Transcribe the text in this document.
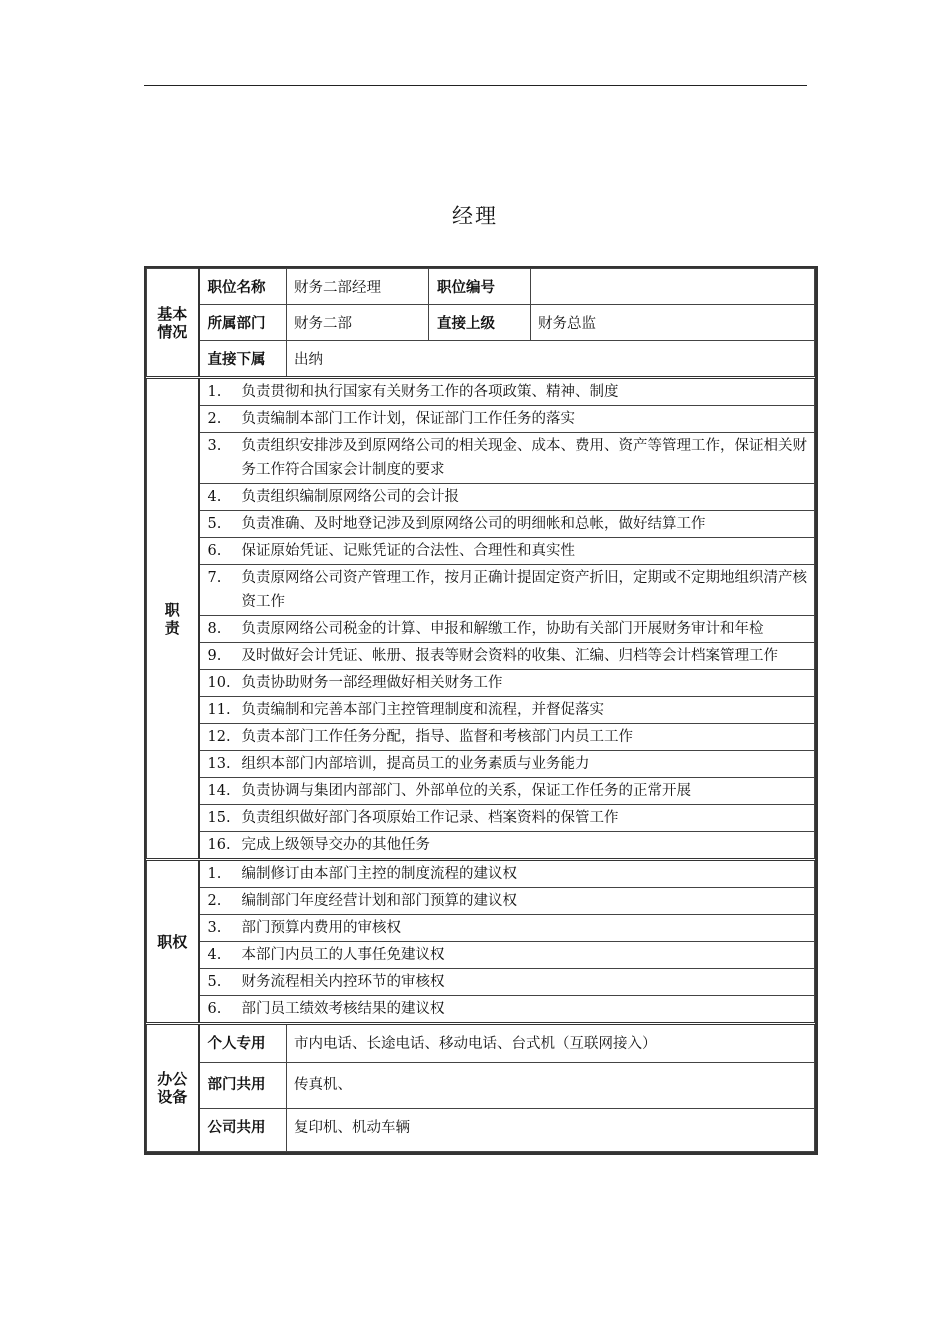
经理
基本
情况	职位名称	财务二部经理	职位编号	
	所属部门	财务二部	直接上级	财务总监
	直接下属	出纳		
职
责	1. 负责贯彻和执行国家有关财务工作的各项政策、精神、制度			

	2. 负责编制本部门工作计划，保证部门工作任务的落实			

	3. 负责组织安排涉及到原网络公司的相关现金、成本、费用、资产等管理工作，保证相关财务工作符合国家会计制度的要求			

	4. 负责组织编制原网络公司的会计报			

	5. 负责准确、及时地登记涉及到原网络公司的明细帐和总帐，做好结算工作			

	6. 保证原始凭证、记账凭证的合法性、合理性和真实性			

	7. 负责原网络公司资产管理工作，按月正确计提固定资产折旧，定期或不定期地组织清产核资工作			

	8. 负责原网络公司税金的计算、申报和解缴工作，协助有关部门开展财务审计和年检			

	9. 及时做好会计凭证、帐册、报表等财会资料的收集、汇编、归档等会计档案管理工作			

	10. 负责协助财务一部经理做好相关财务工作			

	11. 负责编制和完善本部门主控管理制度和流程，并督促落实			

	12. 负责本部门工作任务分配，指导、监督和考核部门内员工工作			

	13. 组织本部门内部培训，提高员工的业务素质与业务能力			

	14. 负责协调与集团内部部门、外部单位的关系，保证工作任务的正常开展			

	15. 负责组织做好部门各项原始工作记录、档案资料的保管工作			

	16. 完成上级领导交办的其他任务			

职权	1. 编制修订由本部门主控的制度流程的建议权			

	2. 编制部门年度经营计划和部门预算的建议权			

	3. 部门预算内费用的审核权			

	4. 本部门内员工的人事任免建议权			

	5. 财务流程相关内控环节的审核权			

	6. 部门员工绩效考核结果的建议权			

办公
设备	个人专用	市内电话、长途电话、移动电话、台式机（互联网接入）		
	部门共用	传真机、		
	公司共用	复印机、机动车辆		
